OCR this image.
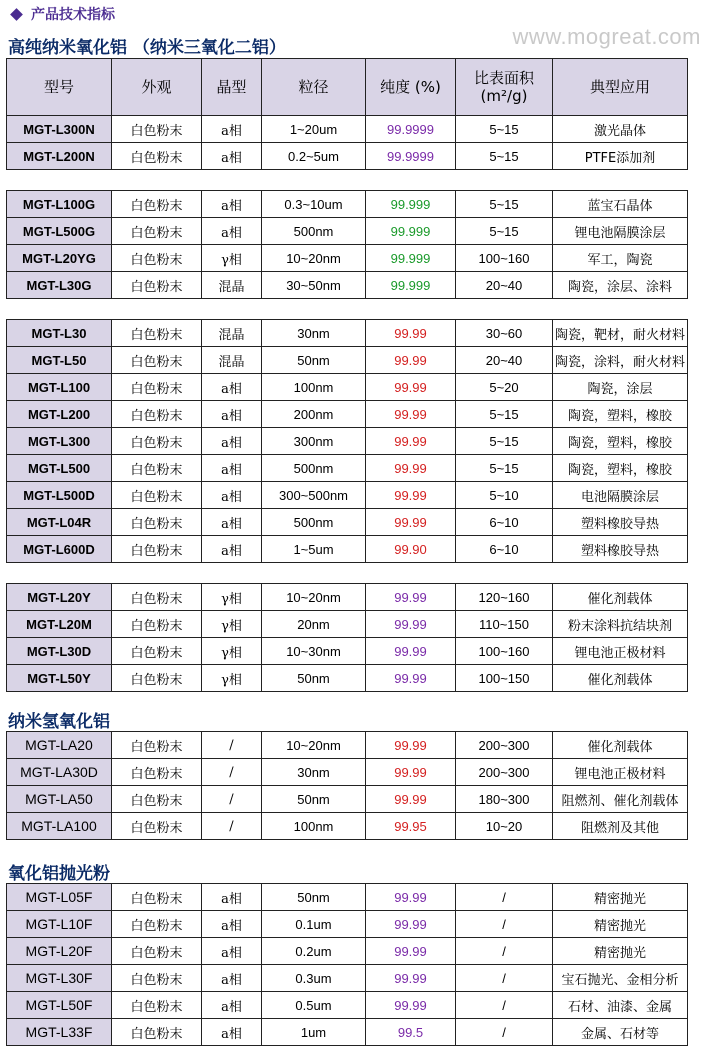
产品技术指标
www.mogreat.com
高纯纳米氧化铝 （纳米三氧化二铝）
型号	外观	晶型	粒径	纯度 (%)	比表面积
(m²/g)	典型应用
MGT-L300N	白色粉末	a相	1~20um	99.9999	5~15	激光晶体
MGT-L200N	白色粉末	a相	0.2~5um	99.9999	5~15	PTFE添加剂

MGT-L100G	白色粉末	a相	0.3~10um	99.999	5~15	蓝宝石晶体
MGT-L500G	白色粉末	a相	500nm	99.999	5~15	锂电池隔膜涂层
MGT-L20YG	白色粉末	γ相	10~20nm	99.999	100~160	军工，陶瓷
MGT-L30G	白色粉末	混晶	30~50nm	99.999	20~40	陶瓷，涂层、涂料

MGT-L30	白色粉末	混晶	30nm	99.99	30~60	陶瓷，靶材，耐火材料
MGT-L50	白色粉末	混晶	50nm	99.99	20~40	陶瓷，涂料，耐火材料
MGT-L100	白色粉末	a相	100nm	99.99	5~20	陶瓷，涂层
MGT-L200	白色粉末	a相	200nm	99.99	5~15	陶瓷，塑料，橡胶
MGT-L300	白色粉末	a相	300nm	99.99	5~15	陶瓷，塑料，橡胶
MGT-L500	白色粉末	a相	500nm	99.99	5~15	陶瓷，塑料，橡胶
MGT-L500D	白色粉末	a相	300~500nm	99.99	5~10	电池隔膜涂层
MGT-L04R	白色粉末	a相	500nm	99.99	6~10	塑料橡胶导热
MGT-L600D	白色粉末	a相	1~5um	99.90	6~10	塑料橡胶导热

MGT-L20Y	白色粉末	γ相	10~20nm	99.99	120~160	催化剂载体
MGT-L20M	白色粉末	γ相	20nm	99.99	110~150	粉末涂料抗结块剂
MGT-L30D	白色粉末	γ相	10~30nm	99.99	100~160	锂电池正极材料
MGT-L50Y	白色粉末	γ相	50nm	99.99	100~150	催化剂载体
纳米氢氧化铝
MGT-LA20	白色粉末	/	10~20nm	99.99	200~300	催化剂载体
MGT-LA30D	白色粉末	/	30nm	99.99	200~300	锂电池正极材料
MGT-LA50	白色粉末	/	50nm	99.99	180~300	阻燃剂、催化剂载体
MGT-LA100	白色粉末	/	100nm	99.95	10~20	阻燃剂及其他
氧化铝抛光粉
MGT-L05F	白色粉末	a相	50nm	99.99	/	精密抛光
MGT-L10F	白色粉末	a相	0.1um	99.99	/	精密抛光
MGT-L20F	白色粉末	a相	0.2um	99.99	/	精密抛光
MGT-L30F	白色粉末	a相	0.3um	99.99	/	宝石抛光、金相分析
MGT-L50F	白色粉末	a相	0.5um	99.99	/	石材、油漆、金属
MGT-L33F	白色粉末	a相	1um	99.5	/	金属、石材等
